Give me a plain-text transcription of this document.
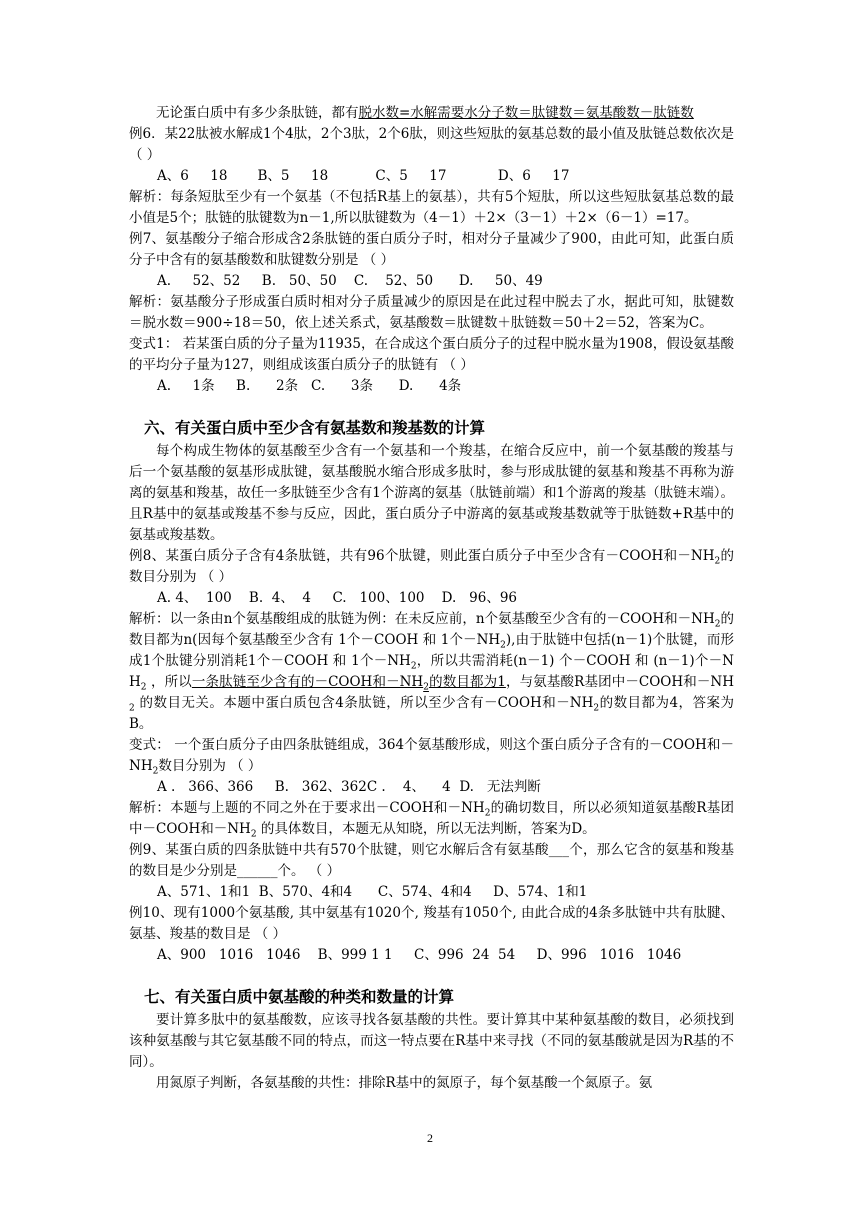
无论蛋白质中有多少条肽链，都有脱水数=水解需要水分子数＝肽键数＝氨基酸数－肽链数
例6．某22肽被水解成1个4肽，2个3肽，2个6肽，则这些短肽的氨基总数的最小值及肽链总数依次是 （ ）
A、6     18       B、5     18           C、5     17            D、6     17
解析：每条短肽至少有一个氨基（不包括R基上的氨基），共有5个短肽，所以这些短肽氨基总数的最小值是5个；肽链的肽键数为n－1,所以肽键数为（4－1）＋2×（3－1）＋2×（6－1）=17。
例7、氨基酸分子缩合形成含2条肽链的蛋白质分子时，相对分子量减少了900，由此可知，此蛋白质分子中含有的氨基酸数和肽键数分别是 （ ）
A.     52、52     B.   50、50    C.    52、50      D.     50、49
解析：氨基酸分子形成蛋白质时相对分子质量减少的原因是在此过程中脱去了水，据此可知，肽键数＝脱水数＝900÷18＝50，依上述关系式，氨基酸数＝肽键数＋肽链数＝50＋2＝52，答案为C。
变式1： 若某蛋白质的分子量为11935，在合成这个蛋白质分子的过程中脱水量为1908，假设氨基酸的平均分子量为127，则组成该蛋白质分子的肽链有 （ ）
A.     1条     B.      2条   C.      3条      D.      4条
六、有关蛋白质中至少含有氨基数和羧基数的计算
每个构成生物体的氨基酸至少含有一个氨基和一个羧基，在缩合反应中，前一个氨基酸的羧基与后一个氨基酸的氨基形成肽键，氨基酸脱水缩合形成多肽时，参与形成肽键的氨基和羧基不再称为游离的氨基和羧基，故任一多肽链至少含有1个游离的氨基（肽链前端）和1个游离的羧基（肽链末端）。且R基中的氨基或羧基不参与反应，因此，蛋白质分子中游离的氨基或羧基数就等于肽链数+R基中的氨基或羧基数。
例8、某蛋白质分子含有4条肽链，共有96个肽键，则此蛋白质分子中至少含有－COOH和$-NH_2$的数目分别为 （ ）
A. 4、  100    B.  4、  4     C.   100、100    D.   96、96
解析：以一条由n个氨基酸组成的肽链为例：在未反应前，n个氨基酸至少含有的－COOH和$-NH_2$的数目都为n(因每个氨基酸至少含有 1个－COOH 和 1个$-NH_2$),由于肽链中包括(n－1)个肽键，而形成1个肽键分别消耗1个－COOH 和 1个$-NH_2$，所以共需消耗(n－1) 个－COOH 和 (n－1)个$-NH_2$ ，所以一条肽链至少含有的－COOH和$-NH_2$的数目都为1，与氨基酸R基团中－COOH和$-NH_2$ 的数目无关。本题中蛋白质包含4条肽链，所以至少含有－COOH和$-NH_2$的数目都为4，答案为B。
变式： 一个蛋白质分子由四条肽链组成，364个氨基酸形成，则这个蛋白质分子含有的－COOH和$-NH_2$数目分别为 （ ）
A .   366、366     B.   362、362C .    4、    4  D.   无法判断
解析：本题与上题的不同之外在于要求出－COOH和$-NH_2$的确切数目，所以必须知道氨基酸R基团中－COOH和$-NH_2$ 的具体数目，本题无从知晓，所以无法判断，答案为D。
例9、某蛋白质的四条肽链中共有570个肽键，则它水解后含有氨基酸___个，那么它含的氨基和羧基的数目是少分别是______个。 （ ）
A、571、1和1  B、570、4和4      C、574、4和4     D、574、1和1
例10、现有1000个氨基酸, 其中氨基有1020个, 羧基有1050个, 由此合成的4条多肽链中共有肽腱、氨基、羧基的数目是 （ ）
A、900   1016   1046    B、999 1 1     C、996  24  54     D、996   1016   1046
七、有关蛋白质中氨基酸的种类和数量的计算
要计算多肽中的氨基酸数，应该寻找各氨基酸的共性。要计算其中某种氨基酸的数目，必须找到该种氨基酸与其它氨基酸不同的特点，而这一特点要在R基中来寻找（不同的氨基酸就是因为R基的不同）。
用氮原子判断，各氨基酸的共性：排除R基中的氮原子，每个氨基酸一个氮原子。氨
2
